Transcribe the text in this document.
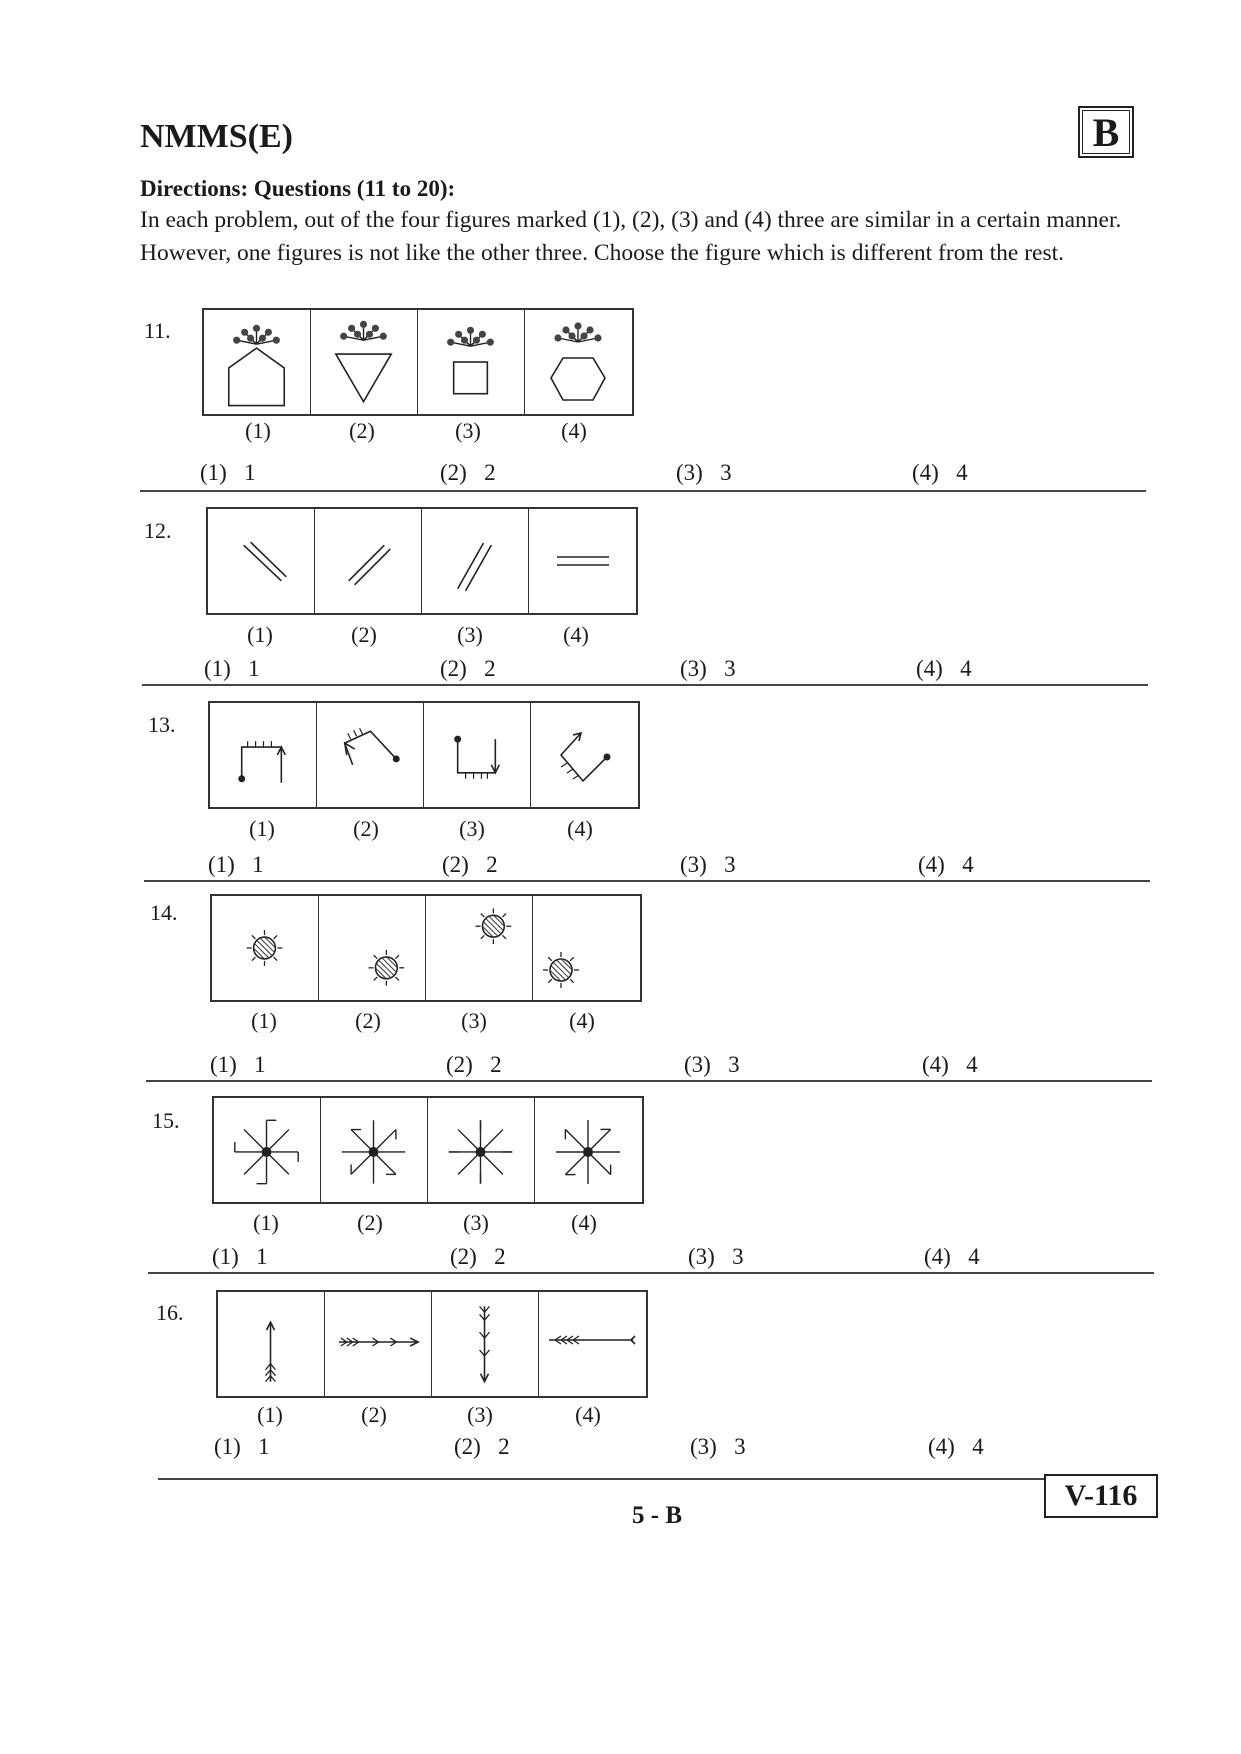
NMMS(E)	B
Directions: Questions (11 to 20):
In each problem, out of the four figures marked (1), (2), (3) and (4) three are similar in a certain manner. However, one figures is not like the other three. Choose the figure which is different from the rest.
11.
(1)	(2)	(3)	(4)
(1)   1	(2)   2	(3)   3	(4)   4
12.
(1)	(2)	(3)	(4)
(1)   1	(2)   2	(3)   3	(4)   4
13.
(1)	(2)	(3)	(4)
(1)   1	(2)   2	(3)   3	(4)   4
14.
(1)	(2)	(3)	(4)
(1)   1	(2)   2	(3)   3	(4)   4
15.
(1)	(2)	(3)	(4)
(1)   1	(2)   2	(3)   3	(4)   4
16.
(1)	(2)	(3)	(4)
(1)   1	(2)   2	(3)   3	(4)   4
5 - B
V-116
